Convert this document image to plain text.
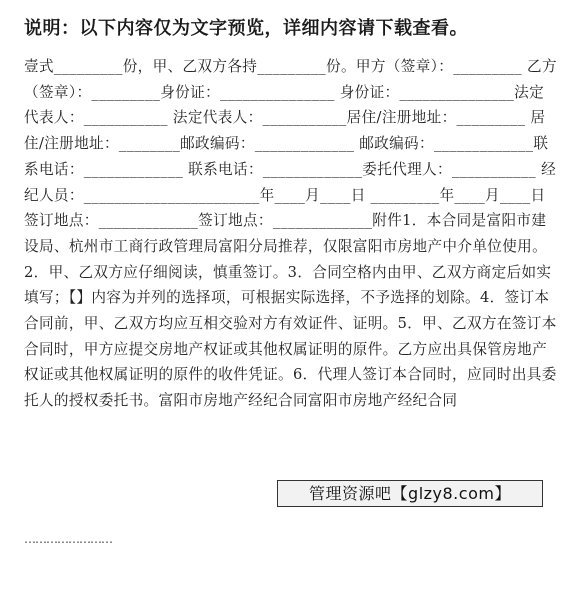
说明：以下内容仅为文字预览，详细内容请下载查看。

壹式_________份，甲、乙双方各持_________份。甲方（签章）：_________ 乙方（签章）：_________身份证：_______________ 身份证：_______________法定代表人：___________ 法定代表人：___________居住/注册地址：_________ 居住/注册地址：________邮政编码：_____________ 邮政编码：_____________联系电话：_____________ 联系电话：_____________委托代理人：___________ 经纪人员：_______________________年____月____日 _________年____月____日签订地点：_____________签订地点：_____________附件1．本合同是富阳市建设局、杭州市工商行政管理局富阳分局推荐，仅限富阳市房地产中介单位使用。2．甲、乙双方应仔细阅读，慎重签订。3．合同空格内由甲、乙双方商定后如实填写；【】内容为并列的选择项，可根据实际选择，不予选择的划除。4．签订本合同前，甲、乙双方均应互相交验对方有效证件、证明。5．甲、乙双方在签订本合同时，甲方应提交房地产权证或其他权属证明的原件。乙方应出具保管房地产权证或其他权属证明的原件的收件凭证。6．代理人签订本合同时，应同时出具委托人的授权委托书。富阳市房地产经纪合同富阳市房地产经纪合同

管理资源吧【glzy8.com】
……………………
